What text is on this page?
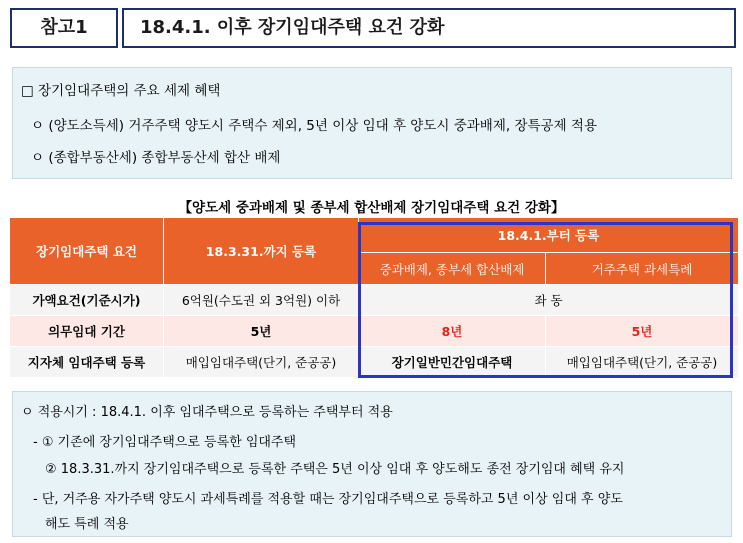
참고1	18.4.1. 이후 장기임대주택 요건 강화
□ 장기임대주택의 주요 세제 혜택
ㅇ (양도소득세) 거주주택 양도시 주택수 제외, 5년 이상 임대 후 양도시 중과배제, 장특공제 적용
ㅇ (종합부동산세) 종합부동산세 합산 배제
【양도세 중과배제 및 종부세 합산배제 장기임대주택 요건 강화】
장기임대주택 요건	18.3.31.까지 등록
18.4.1.부터 등록
중과배제, 종부세 합산배제	거주주택 과세특례
가액요건(기준시가)	6억원(수도권 외 3억원) 이하	좌 동
의무임대 기간	5년	8년	5년
지자체 임대주택 등록	매입임대주택(단기, 준공공)	장기일반민간임대주택	매입임대주택(단기, 준공공)
ㅇ 적용시기 : 18.4.1. 이후 임대주택으로 등록하는 주택부터 적용
- ① 기존에 장기임대주택으로 등록한 임대주택
② 18.3.31.까지 장기임대주택으로 등록한 주택은 5년 이상 임대 후 양도해도 종전 장기임대 혜택 유지
- 단, 거주용 자가주택 양도시 과세특례를 적용할 때는 장기임대주택으로 등록하고 5년 이상 임대 후 양도
해도 특례 적용
